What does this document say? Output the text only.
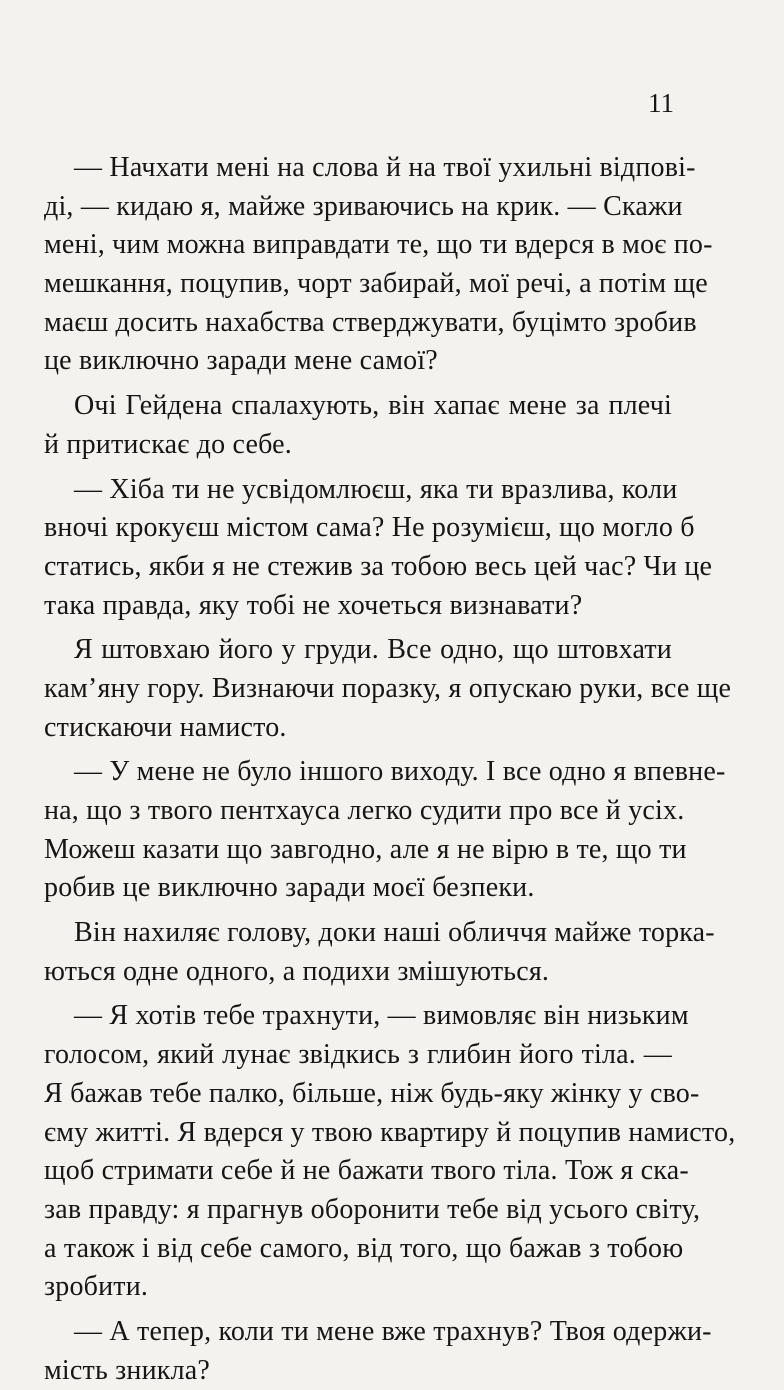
11
— Начхати мені на слова й на твої ухильні відпові-
ді, — кидаю я, майже зриваючись на крик. — Скажи
мені, чим можна виправдати те, що ти вдерся в моє по-
мешкання, поцупив, чорт забирай, мої речі, а потім ще
маєш досить нахабства стверджувати, буцімто зробив
це виключно заради мене самої?
Очі Гейдена спалахують, він хапає мене за плечі
й притискає до себе.
— Хіба ти не усвідомлюєш, яка ти вразлива, коли
вночі крокуєш містом сама? Не розумієш, що могло б
статись, якби я не стежив за тобою весь цей час? Чи це
така правда, яку тобі не хочеться визнавати?
Я штовхаю його у груди. Все одно, що штовхати
кам’яну гору. Визнаючи поразку, я опускаю руки, все ще
стискаючи намисто.
— У мене не було іншого виходу. І все одно я впевне-
на, що з твого пентхауса легко судити про все й усіх.
Можеш казати що завгодно, але я не вірю в те, що ти
робив це виключно заради моєї безпеки.
Він нахиляє голову, доки наші обличчя майже торка-
ються одне одного, а подихи змішуються.
— Я хотів тебе трахнути, — вимовляє він низьким
голосом, який лунає звідкись з глибин його тіла. —
Я бажав тебе палко, більше, ніж будь-яку жінку у сво-
єму житті. Я вдерся у твою квартиру й поцупив намисто,
щоб стримати себе й не бажати твого тіла. Тож я ска-
зав правду: я прагнув оборонити тебе від усього світу,
а також і від себе самого, від того, що бажав з тобою
зробити.
— А тепер, коли ти мене вже трахнув? Твоя одержи-
мість зникла?
